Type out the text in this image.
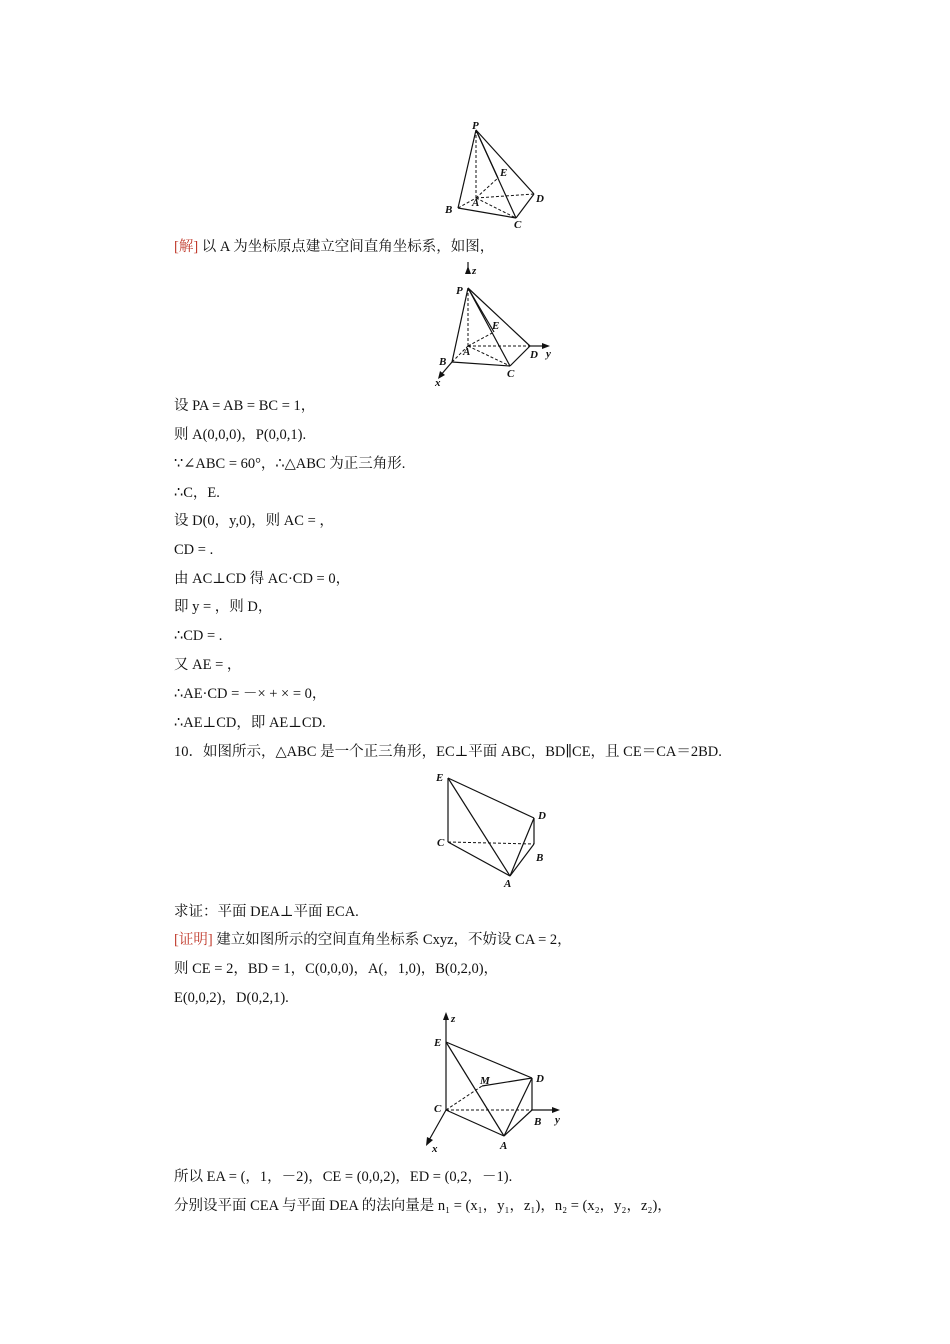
P
E
A
B
C
D
[解] 以 A 为坐标原点建立空间直角坐标系，如图，
z
P
E
A
B
C
D y
x
设 PA = AB = BC = 1，
则 A(0,0,0)，P(0,0,1).
∵∠ABC = 60°，∴△ABC 为正三角形.
∴C，E.
设 D(0，y,0)，则 AC = ，
CD = .
由 AC⊥CD 得 AC·CD = 0，
即 y = ，则 D，
∴CD = .
又 AE = ，
∴AE·CD = －× + × = 0，
∴AE⊥CD，即 AE⊥CD.
10．如图所示，△ABC 是一个正三角形，EC⊥平面 ABC，BD∥CE，且 CE＝CA＝2BD.
E
D
C
B
A
求证：平面 DEA⊥平面 ECA.
[证明] 建立如图所示的空间直角坐标系 Cxyz，不妨设 CA = 2，
则 CE = 2，BD = 1，C(0,0,0)，A(，1,0)，B(0,2,0)，
E(0,0,2)，D(0,2,1).
z
E
M	D
C
B
A
y
x
所以 EA = (，1，－2)，CE = (0,0,2)，ED = (0,2，－1).
分别设平面 CEA 与平面 DEA 的法向量是 n₁ = (x₁，y₁，z₁)，n₂ = (x₂，y₂，z₂)，
